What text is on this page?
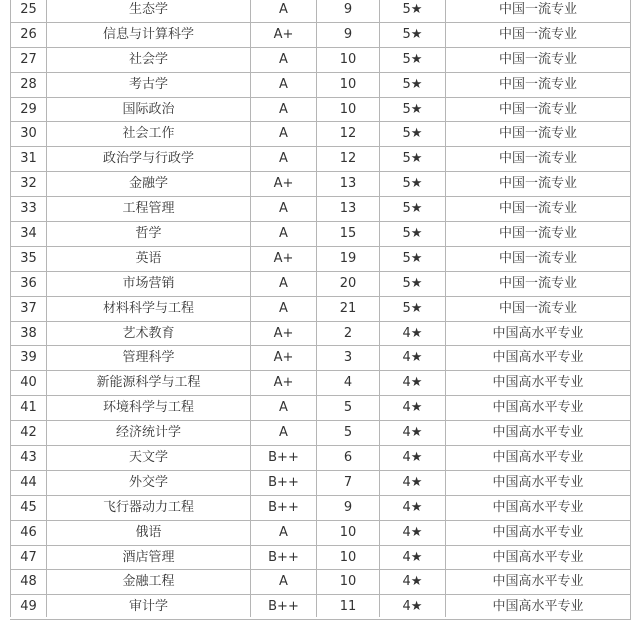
25	生态学	A	9	5★	中国一流专业
26	信息与计算科学	A+	9	5★	中国一流专业
27	社会学	A	10	5★	中国一流专业
28	考古学	A	10	5★	中国一流专业
29	国际政治	A	10	5★	中国一流专业
30	社会工作	A	12	5★	中国一流专业
31	政治学与行政学	A	12	5★	中国一流专业
32	金融学	A+	13	5★	中国一流专业
33	工程管理	A	13	5★	中国一流专业
34	哲学	A	15	5★	中国一流专业
35	英语	A+	19	5★	中国一流专业
36	市场营销	A	20	5★	中国一流专业
37	材料科学与工程	A	21	5★	中国一流专业
38	艺术教育	A+	2	4★	中国高水平专业
39	管理科学	A+	3	4★	中国高水平专业
40	新能源科学与工程	A+	4	4★	中国高水平专业
41	环境科学与工程	A	5	4★	中国高水平专业
42	经济统计学	A	5	4★	中国高水平专业
43	天文学	B++	6	4★	中国高水平专业
44	外交学	B++	7	4★	中国高水平专业
45	飞行器动力工程	B++	9	4★	中国高水平专业
46	俄语	A	10	4★	中国高水平专业
47	酒店管理	B++	10	4★	中国高水平专业
48	金融工程	A	10	4★	中国高水平专业
49	审计学	B++	11	4★	中国高水平专业
